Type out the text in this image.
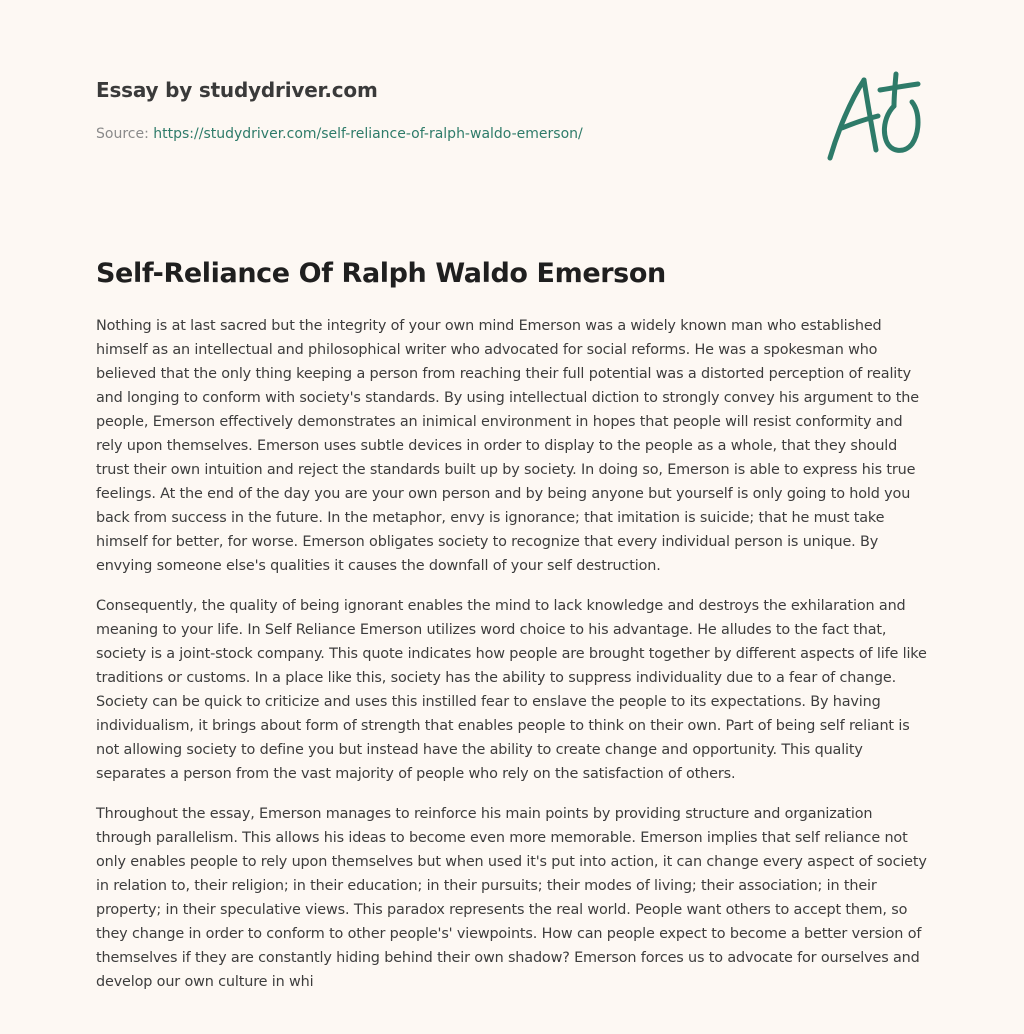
Essay by studydriver.com
Source: https://studydriver.com/self-reliance-of-ralph-waldo-emerson/
Self-Reliance Of Ralph Waldo Emerson

Nothing is at last sacred but the integrity of your own mind Emerson was a widely known man who established himself as an intellectual and philosophical writer who advocated for social reforms. He was a spokesman who believed that the only thing keeping a person from reaching their full potential was a distorted perception of reality and longing to conform with society's standards. By using intellectual diction to strongly convey his argument to the people, Emerson effectively demonstrates an inimical environment in hopes that people will resist conformity and rely upon themselves. Emerson uses subtle devices in order to display to the people as a whole, that they should trust their own intuition and reject the standards built up by society. In doing so, Emerson is able to express his true feelings. At the end of the day you are your own person and by being anyone but yourself is only going to hold you back from success in the future. In the metaphor, envy is ignorance; that imitation is suicide; that he must take himself for better, for worse. Emerson obligates society to recognize that every individual person is unique. By envying someone else's qualities it causes the downfall of your self destruction.

Consequently, the quality of being ignorant enables the mind to lack knowledge and destroys the exhilaration and meaning to your life. In Self Reliance Emerson utilizes word choice to his advantage. He alludes to the fact that, society is a joint-stock company. This quote indicates how people are brought together by different aspects of life like traditions or customs. In a place like this, society has the ability to suppress individuality due to a fear of change. Society can be quick to criticize and uses this instilled fear to enslave the people to its expectations. By having individualism, it brings about form of strength that enables people to think on their own. Part of being self reliant is not allowing society to define you but instead have the ability to create change and opportunity. This quality separates a person from the vast majority of people who rely on the satisfaction of others.

Throughout the essay, Emerson manages to reinforce his main points by providing structure and organization through parallelism. This allows his ideas to become even more memorable. Emerson implies that self reliance not only enables people to rely upon themselves but when used it's put into action, it can change every aspect of society in relation to, their religion; in their education; in their pursuits; their modes of living; their association; in their property; in their speculative views. This paradox represents the real world. People want others to accept them, so they change in order to conform to other people's' viewpoints. How can people expect to become a better version of themselves if they are constantly hiding behind their own shadow? Emerson forces us to advocate for ourselves and develop our own culture in whi
